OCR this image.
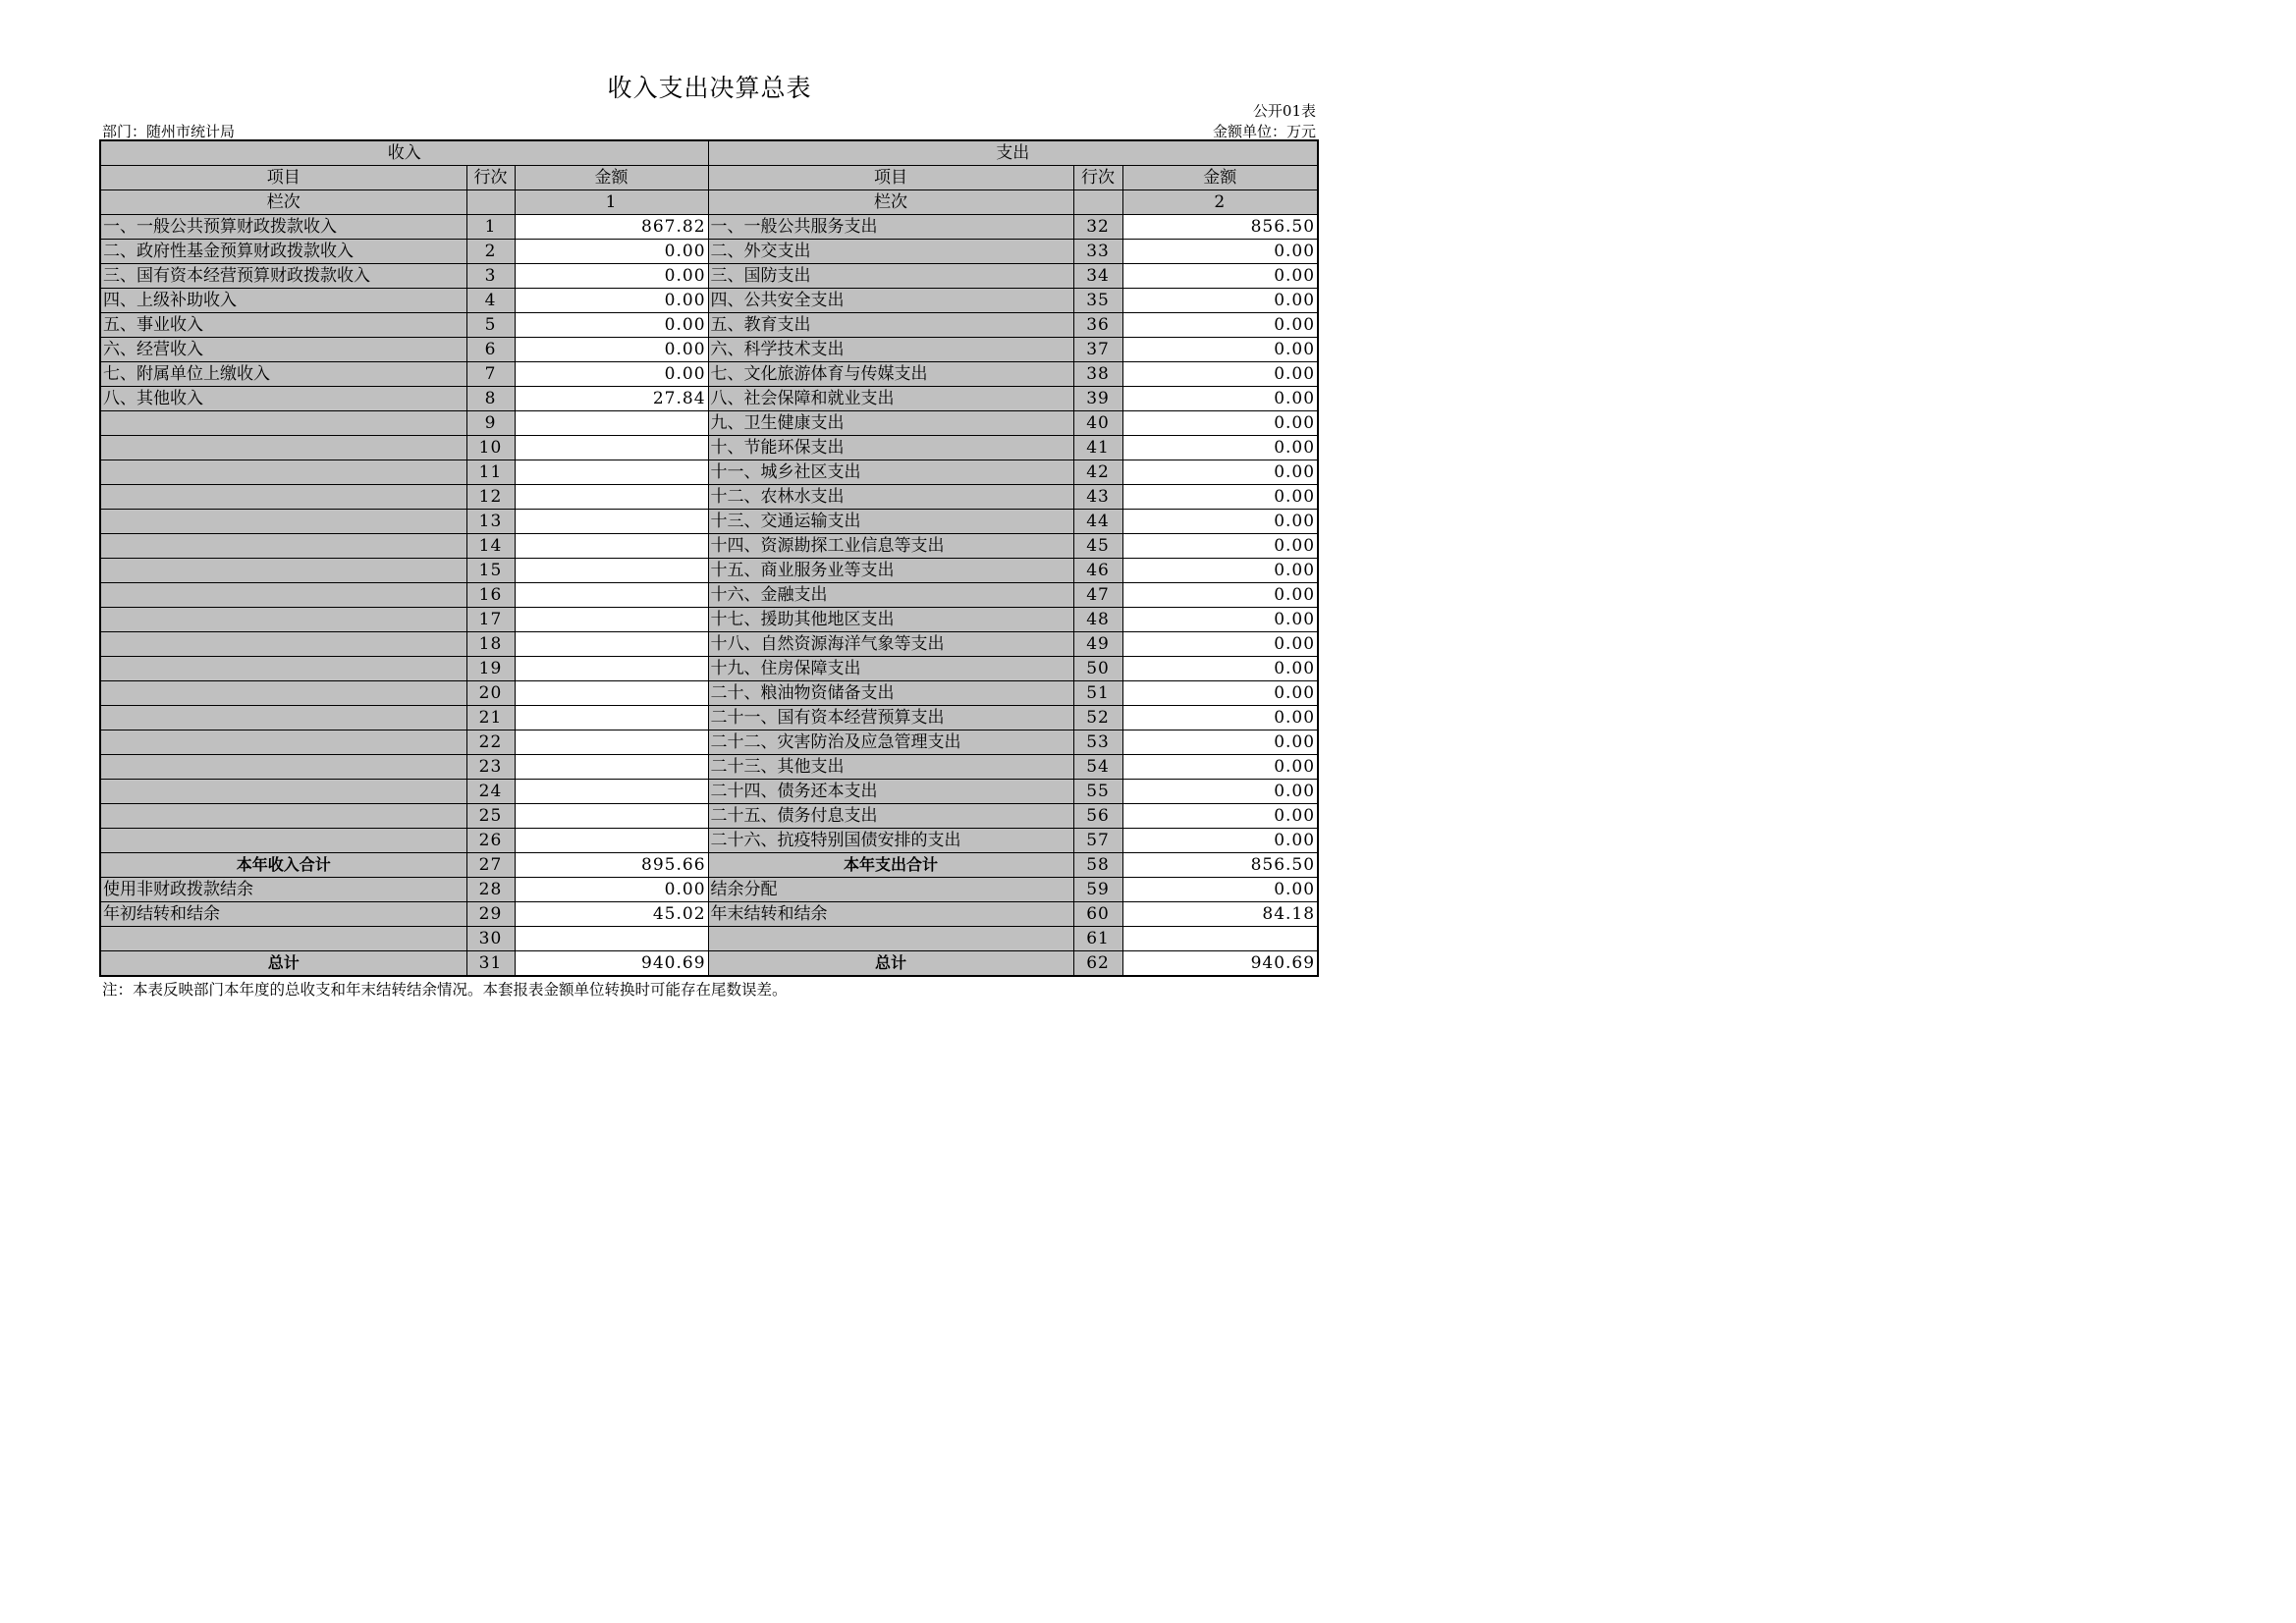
收入支出决算总表
公开01表
部门：随州市统计局	金额单位：万元
收入			支出		
项目	行次	金额	项目	行次	金额
栏次		1	栏次		2
一、一般公共预算财政拨款收入	1	867.82	一、一般公共服务支出	32	856.50
二、政府性基金预算财政拨款收入	2	0.00	二、外交支出	33	0.00
三、国有资本经营预算财政拨款收入	3	0.00	三、国防支出	34	0.00
四、上级补助收入	4	0.00	四、公共安全支出	35	0.00
五、事业收入	5	0.00	五、教育支出	36	0.00
六、经营收入	6	0.00	六、科学技术支出	37	0.00
七、附属单位上缴收入	7	0.00	七、文化旅游体育与传媒支出	38	0.00
八、其他收入	8	27.84	八、社会保障和就业支出	39	0.00
	9		九、卫生健康支出	40	0.00
	10		十、节能环保支出	41	0.00
	11		十一、城乡社区支出	42	0.00
	12		十二、农林水支出	43	0.00
	13		十三、交通运输支出	44	0.00
	14		十四、资源勘探工业信息等支出	45	0.00
	15		十五、商业服务业等支出	46	0.00
	16		十六、金融支出	47	0.00
	17		十七、援助其他地区支出	48	0.00
	18		十八、自然资源海洋气象等支出	49	0.00
	19		十九、住房保障支出	50	0.00
	20		二十、粮油物资储备支出	51	0.00
	21		二十一、国有资本经营预算支出	52	0.00
	22		二十二、灾害防治及应急管理支出	53	0.00
	23		二十三、其他支出	54	0.00
	24		二十四、债务还本支出	55	0.00
	25		二十五、债务付息支出	56	0.00
	26		二十六、抗疫特别国债安排的支出	57	0.00
本年收入合计	27	895.66	本年支出合计	58	856.50
使用非财政拨款结余	28	0.00	结余分配	59	0.00
年初结转和结余	29	45.02	年末结转和结余	60	84.18
	30			61	
总计	31	940.69	总计	62	940.69
注：本表反映部门本年度的总收支和年末结转结余情况。本套报表金额单位转换时可能存在尾数误差。
